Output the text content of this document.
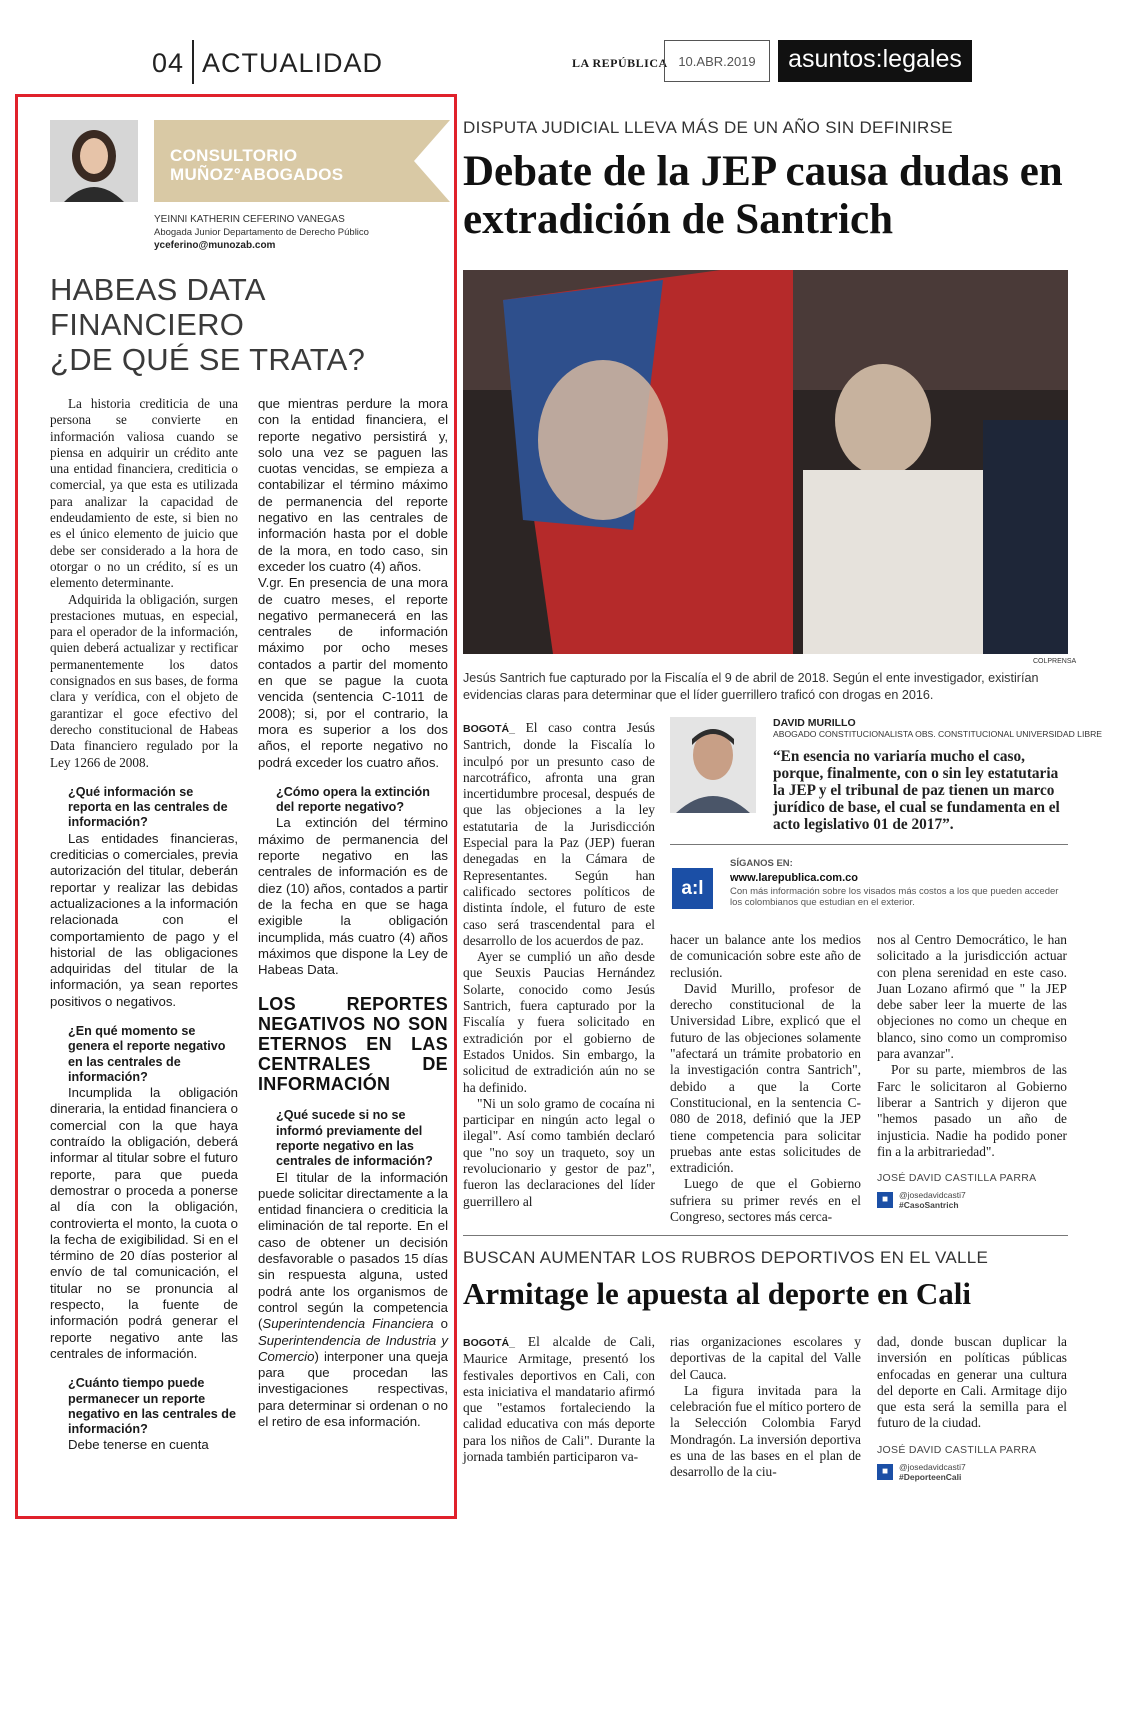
04 ACTUALIDAD	LA REPÚBLICA 10.ABR.2019	asuntos:legales
CONSULTORIO
MUÑOZ°ABOGADOS
YEINNI KATHERIN CEFERINO VANEGAS
Abogada Junior Departamento de Derecho Público
yceferino@munozab.com
HABEAS DATA
FINANCIERO
¿DE QUÉ SE TRATA?

La historia crediticia de una persona se convierte en información valiosa cuando se piensa en adquirir un crédito ante una entidad financiera, crediticia o comercial, ya que esta es utilizada para analizar la capacidad de endeudamiento de este, si bien no es el único elemento de juicio que debe ser considerado a la hora de otorgar o no un crédito, sí es un elemento determinante.

Adquirida la obligación, surgen prestaciones mutuas, en especial, para el operador de la información, quien deberá actualizar y rectificar permanentemente los datos consignados en sus bases, de forma clara y verídica, con el objeto de garantizar el goce efectivo del derecho constitucional de Habeas Data financiero regulado por la Ley 1266 de 2008.

¿Qué información se reporta en las centrales de información?

Las entidades financieras, crediticias o comerciales, previa autorización del titular, deberán reportar y realizar las debidas actualizaciones a la información relacionada con el comportamiento de pago y el historial de las obligaciones adquiridas del titular de la información, ya sean reportes positivos o negativos.

¿En qué momento se genera el reporte negativo en las centrales de información?

Incumplida la obligación dineraria, la entidad financiera o comercial con la que haya contraído la obligación, deberá informar al titular sobre el futuro reporte, para que pueda demostrar o proceda a ponerse al día con la obligación, controvierta el monto, la cuota o la fecha de exigibilidad. Si en el término de 20 días posterior al envío de tal comunicación, el titular no se pronuncia al respecto, la fuente de información podrá generar el reporte negativo ante las centrales de información.

¿Cuánto tiempo puede permanecer un reporte negativo en las centrales de información?

Debe tenerse en cuenta

que mientras perdure la mora con la entidad financiera, el reporte negativo persistirá y, solo una vez se paguen las cuotas vencidas, se empieza a contabilizar el término máximo de permanencia del reporte negativo en las centrales de información hasta por el doble de la mora, en todo caso, sin exceder los cuatro (4) años.

V.gr. En presencia de una mora de cuatro meses, el reporte negativo permanecerá en las centrales de información máximo por ocho meses contados a partir del momento en que se pague la cuota vencida (sentencia C-1011 de 2008); si, por el contrario, la mora es superior a los dos años, el reporte negativo no podrá exceder los cuatro años.

¿Cómo opera la extinción del reporte negativo?

La extinción del término máximo de permanencia del reporte negativo en las centrales de información es de diez (10) años, contados a partir de la fecha en que se haga exigible la obligación incumplida, más cuatro (4) años máximos que dispone la Ley de Habeas Data.

LOS REPORTES NEGATIVOS NO SON ETERNOS EN LAS CENTRALES DE INFORMACIÓN
¿Qué sucede si no se informó previamente del reporte negativo en las centrales de información?

El titular de la información puede solicitar directamente a la entidad financiera o crediticia la eliminación de tal reporte. En el caso de obtener un decisión desfavorable o pasados 15 días sin respuesta alguna, usted podrá ante los organismos de control según la competencia (Superintendencia Financiera o Superintendencia de Industria y Comercio) interponer una queja para que procedan las investigaciones respectivas, para determinar si ordenan o no el retiro de esa información.

DISPUTA JUDICIAL LLEVA MÁS DE UN AÑO SIN DEFINIRSE
Debate de la JEP causa dudas en extradición de Santrich
COLPRENSA
Jesús Santrich fue capturado por la Fiscalía el 9 de abril de 2018. Según el ente investigador, existirían evidencias claras para determinar que el líder guerrillero traficó con drogas en 2016.

BOGOTÁ_ El caso contra Jesús Santrich, donde la Fiscalía lo inculpó por un presunto caso de narcotráfico, afronta una gran incertidumbre procesal, después de que las objeciones a la ley estatutaria de la Jurisdicción Especial para la Paz (JEP) fueran denegadas en la Cámara de Representantes. Según han calificado sectores políticos de distinta índole, el futuro de este caso será trascendental para el desarrollo de los acuerdos de paz.

Ayer se cumplió un año desde que Seuxis Paucias Hernández Solarte, conocido como Jesús Santrich, fuera capturado por la Fiscalía y fuera solicitado en extradición por el gobierno de Estados Unidos. Sin embargo, la solicitud de extradición aún no se ha definido.

"Ni un solo gramo de cocaína ni participar en ningún acto legal o ilegal". Así como también declaró que "no soy un traqueto, soy un revolucionario y gestor de paz", fueron las declaraciones del líder guerrillero al

DAVID MURILLO
ABOGADO CONSTITUCIONALISTA OBS. CONSTITUCIONAL UNIVERSIDAD LIBRE
“En esencia no variaría mucho el caso, porque, finalmente, con o sin ley estatutaria la JEP y el tribunal de paz tienen un marco jurídico de base, el cual se fundamenta en el acto legislativo 01 de 2017”.
a:l
SÍGANOS EN:
www.larepublica.com.co
Con más información sobre los visados más costos a los que pueden acceder los colombianos que estudian en el exterior.

hacer un balance ante los medios de comunicación sobre este año de reclusión.

David Murillo, profesor de derecho constitucional de la Universidad Libre, explicó que el futuro de las objeciones solamente "afectará un trámite probatorio en la investigación contra Santrich", debido a que la Corte Constitucional, en la sentencia C-080 de 2018, definió que la JEP tiene competencia para solicitar pruebas ante estas solicitudes de extradición.

Luego de que el Gobierno sufriera su primer revés en el Congreso, sectores más cerca-

nos al Centro Democrático, le han solicitado a la jurisdicción actuar con plena serenidad en este caso. Juan Lozano afirmó que " la JEP debe saber leer la muerte de las objeciones no como un cheque en blanco, sino como un compromiso para avanzar".

Por su parte, miembros de las Farc le solicitaron al Gobierno liberar a Santrich y dijeron que "hemos pasado un año de injusticia. Nadie ha podido poner fin a la arbitrariedad".

JOSÉ DAVID CASTILLA PARRA
■	@josedavidcasti7
#CasoSantrich
BUSCAN AUMENTAR LOS RUBROS DEPORTIVOS EN EL VALLE
Armitage le apuesta al deporte en Cali

BOGOTÁ_ El alcalde de Cali, Maurice Armitage, presentó los festivales deportivos en Cali, con esta iniciativa el mandatario afirmó que "estamos fortaleciendo la calidad educativa con más deporte para los niños de Cali". Durante la jornada también participaron va-

rias organizaciones escolares y deportivas de la capital del Valle del Cauca.

La figura invitada para la celebración fue el mítico portero de la Selección Colombia Faryd Mondragón. La inversión deportiva es una de las bases en el plan de desarrollo de la ciu-

dad, donde buscan duplicar la inversión en políticas públicas enfocadas en generar una cultura del deporte en Cali. Armitage dijo que esta será la semilla para el futuro de la ciudad.

JOSÉ DAVID CASTILLA PARRA
■	@josedavidcasti7
#DeporteenCali
